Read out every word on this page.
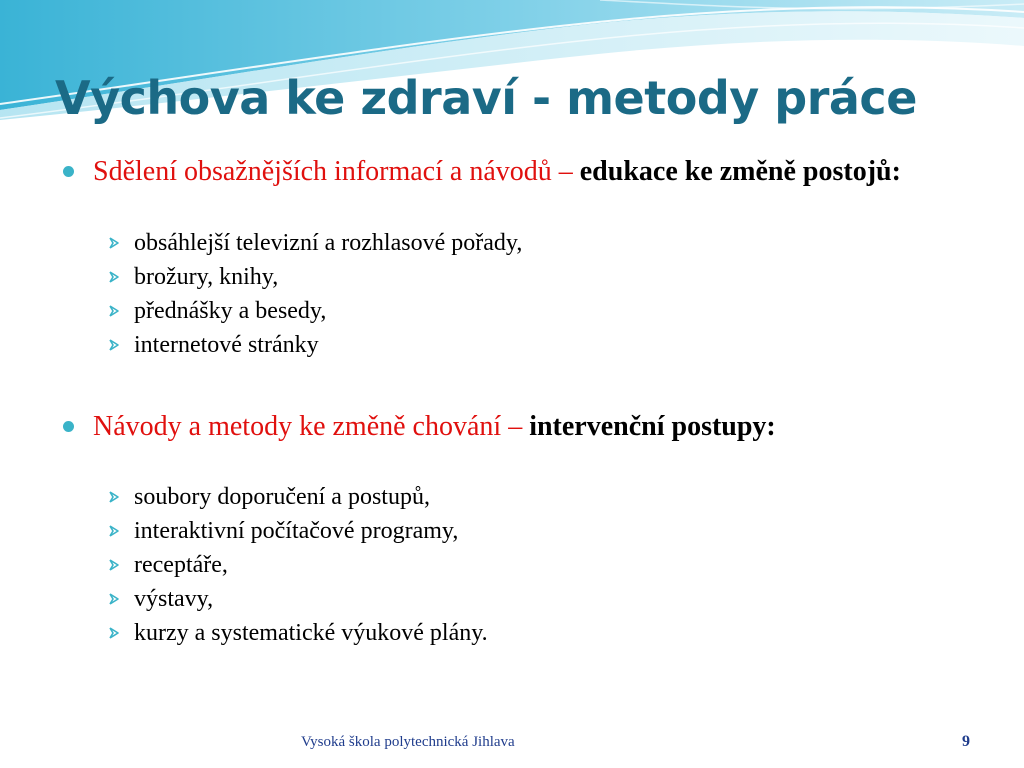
Výchova ke zdraví - metody práce
Sdělení obsažnějších informací a návodů – edukace ke změně postojů:
obsáhlejší televizní a rozhlasové pořady,
brožury, knihy,
přednášky a besedy,
internetové stránky
Návody a metody ke změně chování – intervenční postupy:
soubory doporučení a postupů,
interaktivní počítačové programy,
receptáře,
výstavy,
kurzy a systematické výukové plány.
Vysoká škola polytechnická Jihlava	9
